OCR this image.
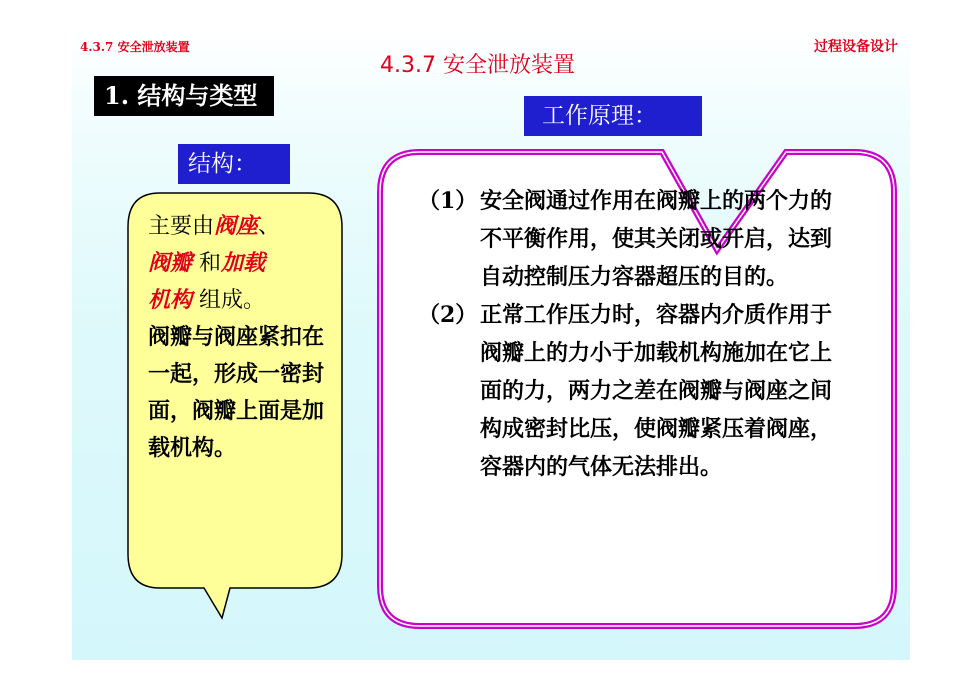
4.3.7 安全泄放装置	过程设备设计
4.3.7 安全泄放装置
1. 结构与类型
结构：
工作原理：
主要由阀座、
阀瓣 和加载
机构 组成。
阀瓣与阀座紧扣在一起，形成一密封面，阀瓣上面是加载机构。
（1） 安全阀通过作用在阀瓣上的两个力的不平衡作用，使其关闭或开启，达到自动控制压力容器超压的目的。
（2） 正常工作压力时，容器内介质作用于阀瓣上的力小于加载机构施加在它上面的力，两力之差在阀瓣与阀座之间构成密封比压，使阀瓣紧压着阀座，容器内的气体无法排出。
